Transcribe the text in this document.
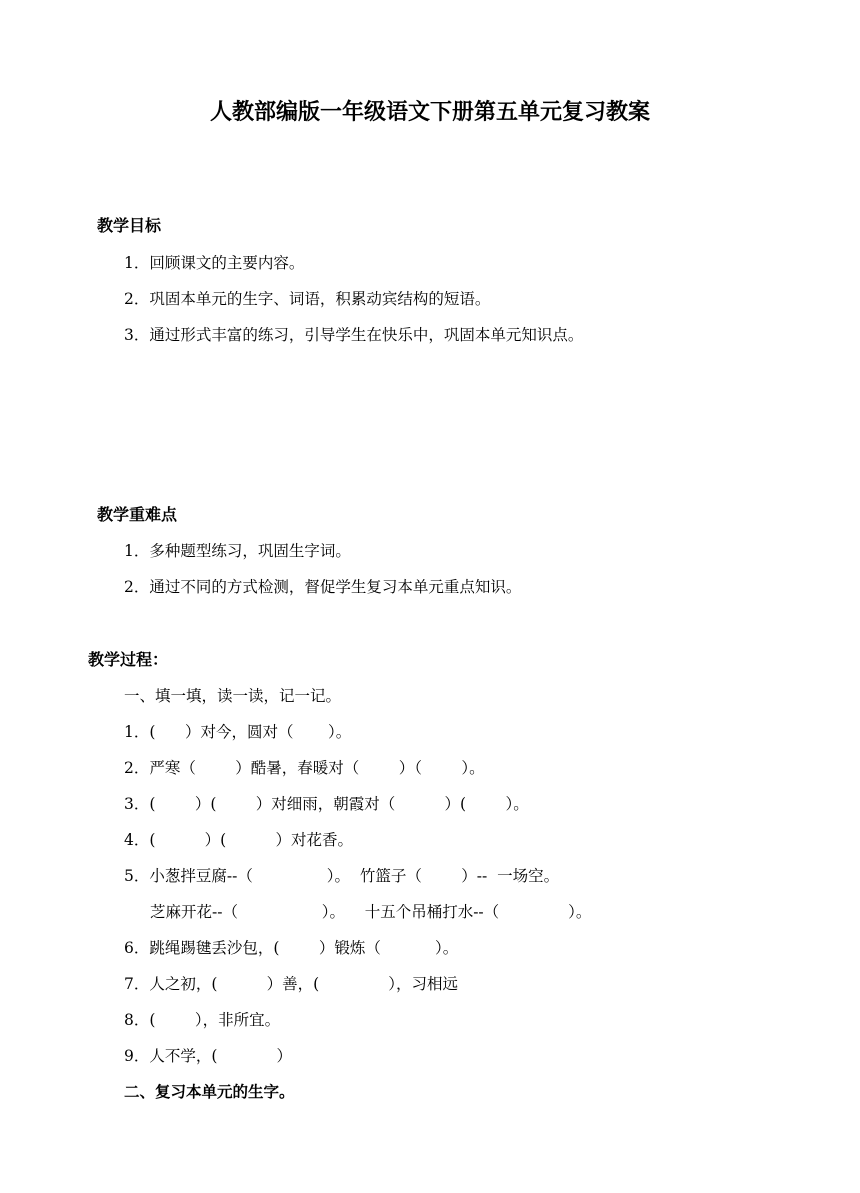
人教部编版一年级语文下册第五单元复习教案
教学目标
1．回顾课文的主要内容。
2．巩固本单元的生字、词语，积累动宾结构的短语。
3．通过形式丰富的练习，引导学生在快乐中，巩固本单元知识点。
教学重难点
1．多种题型练习，巩固生字词。
2．通过不同的方式检测，督促学生复习本单元重点知识。
教学过程：
一、填一填，读一读，记一记。
1．(      ）对今，圆对（       ）。
2．严寒（        ）酷暑，春暖对（        ）（        ）。
3．(        ）(        ）对细雨，朝霞对（          ）(        ）。
4．(          ）(          ）对花香。
5．小葱拌豆腐--（               ）。  竹篮子（        ）--  一场空。
芝麻开花--（                 ）。    十五个吊桶打水--（              ）。
6．跳绳踢毽丢沙包，(        ）锻炼（           ）。
7．人之初，(          ）善，(              ），习相远
8．(        ），非所宜。
9．人不学，(            ）
二、复习本单元的生字。
